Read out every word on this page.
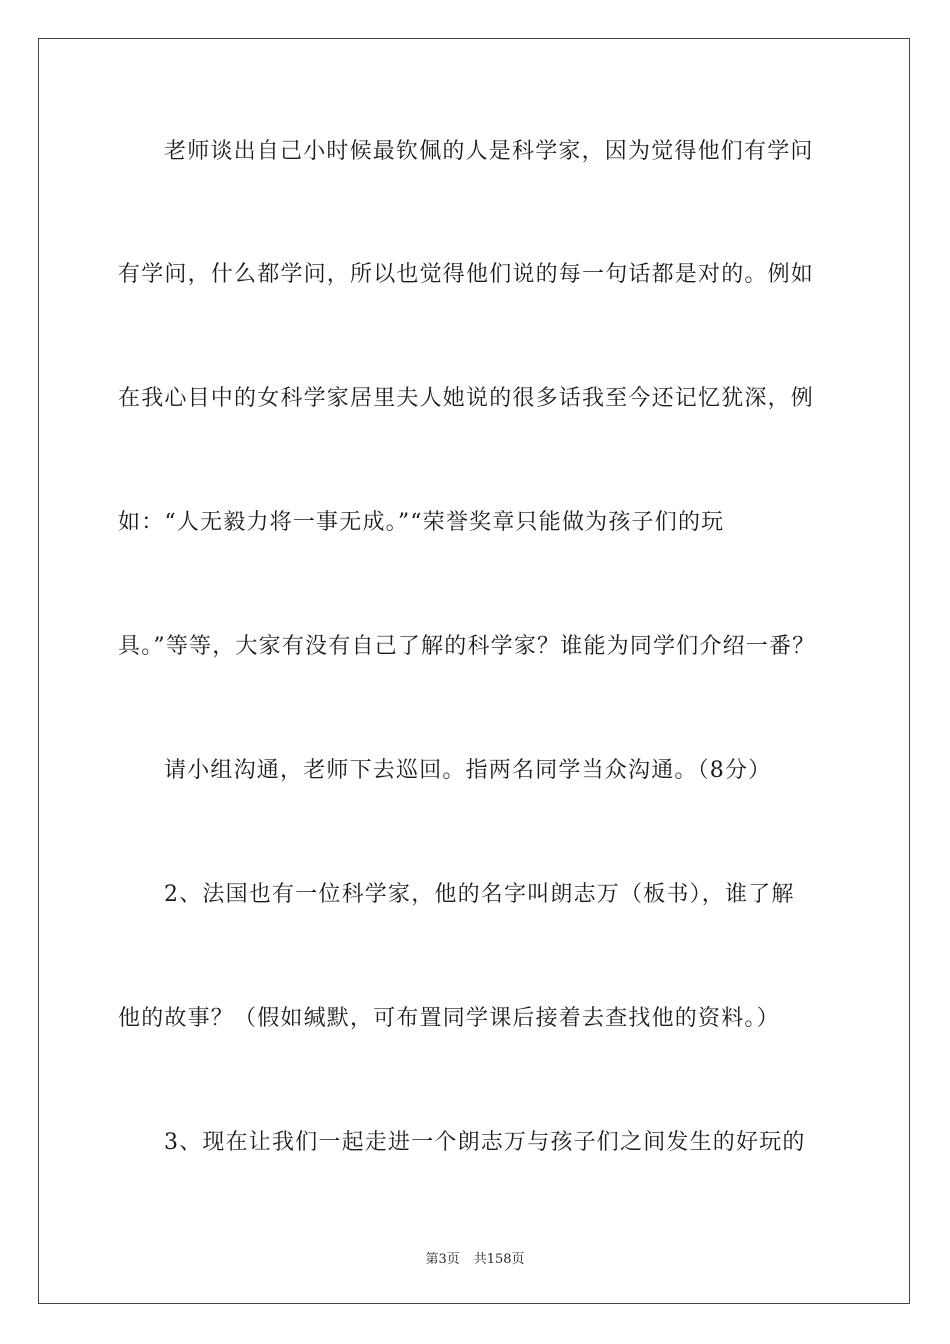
老师谈出自己小时候最钦佩的人是科学家，因为觉得他们有学问
有学问，什么都学问，所以也觉得他们说的每一句话都是对的。例如
在我心目中的女科学家居里夫人她说的很多话我至今还记忆犹深，例
如：“人无毅力将一事无成。”“荣誉奖章只能做为孩子们的玩
具。”等等，大家有没有自己了解的科学家？谁能为同学们介绍一番？
请小组沟通，老师下去巡回。指两名同学当众沟通。（8分）
2、法国也有一位科学家，他的名字叫朗志万（板书），谁了解
他的故事？（假如缄默，可布置同学课后接着去查找他的资料。）
3、现在让我们一起走进一个朗志万与孩子们之间发生的好玩的
第3页 共158页
